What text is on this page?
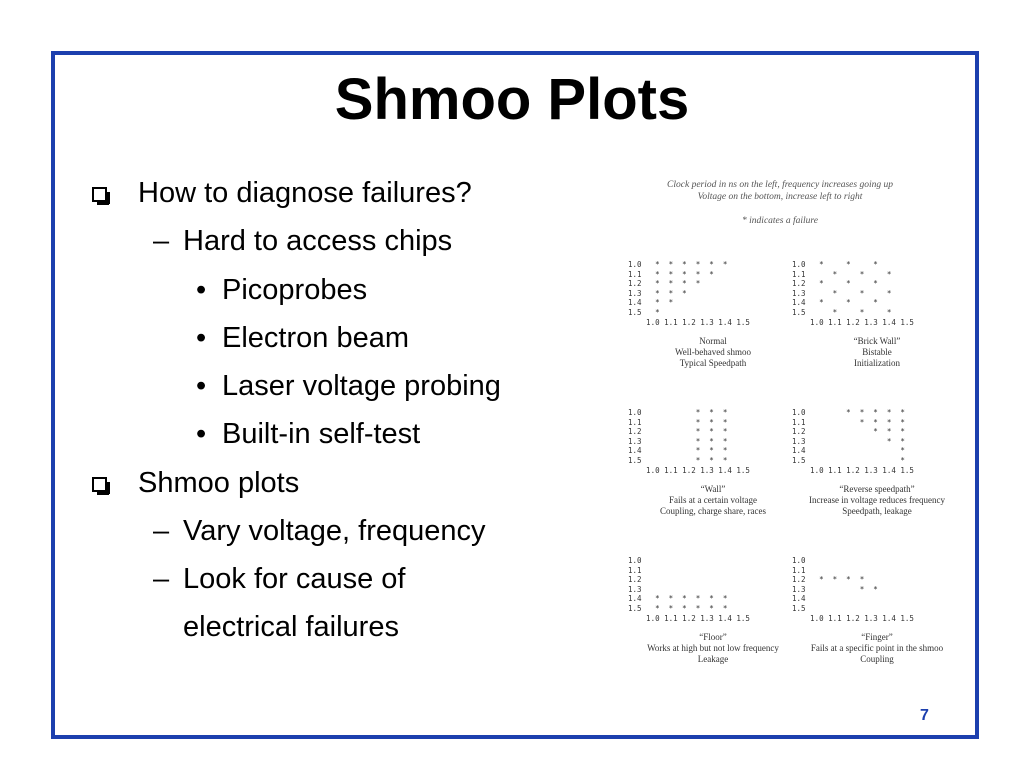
Shmoo Plots
How to diagnose failures?
– Hard to access chips
• Picoprobes
• Electron beam
• Laser voltage probing
• Built-in self-test
Shmoo plots
– Vary voltage, frequency
– Look for cause of
electrical failures
Clock period in ns on the left, frequency increases going up
Voltage on the bottom, increase left to right

* indicates a failure
1.0   *  *  *  *  *  *
1.1   *  *  *  *  *
1.2   *  *  *  *
1.3   *  *  *
1.4   *  *
1.5   *
1.0 1.1 1.2 1.3 1.4 1.5
Normal
Well-behaved shmoo
Typical Speedpath
1.0   *     *     *
1.1      *     *     *
1.2   *     *     *
1.3      *     *     *
1.4   *     *     *
1.5      *     *     *
1.0 1.1 1.2 1.3 1.4 1.5
“Brick Wall”
Bistable
Initialization
1.0            *  *  *
1.1            *  *  *
1.2            *  *  *
1.3            *  *  *
1.4            *  *  *
1.5            *  *  *
1.0 1.1 1.2 1.3 1.4 1.5
“Wall”
Fails at a certain voltage
Coupling, charge share, races
1.0         *  *  *  *  *
1.1            *  *  *  *
1.2               *  *  *
1.3                  *  *
1.4                     *
1.5                     *
1.0 1.1 1.2 1.3 1.4 1.5
“Reverse speedpath”
Increase in voltage reduces frequency
Speedpath, leakage
1.0
1.1
1.2
1.3
1.4   *  *  *  *  *  *
1.5   *  *  *  *  *  *
1.0 1.1 1.2 1.3 1.4 1.5
“Floor”
Works at high but not low frequency
Leakage
1.0
1.1
1.2   *  *  *  *
1.3            *  *
1.4
1.5
1.0 1.1 1.2 1.3 1.4 1.5
“Finger”
Fails at a specific point in the shmoo
Coupling
7
